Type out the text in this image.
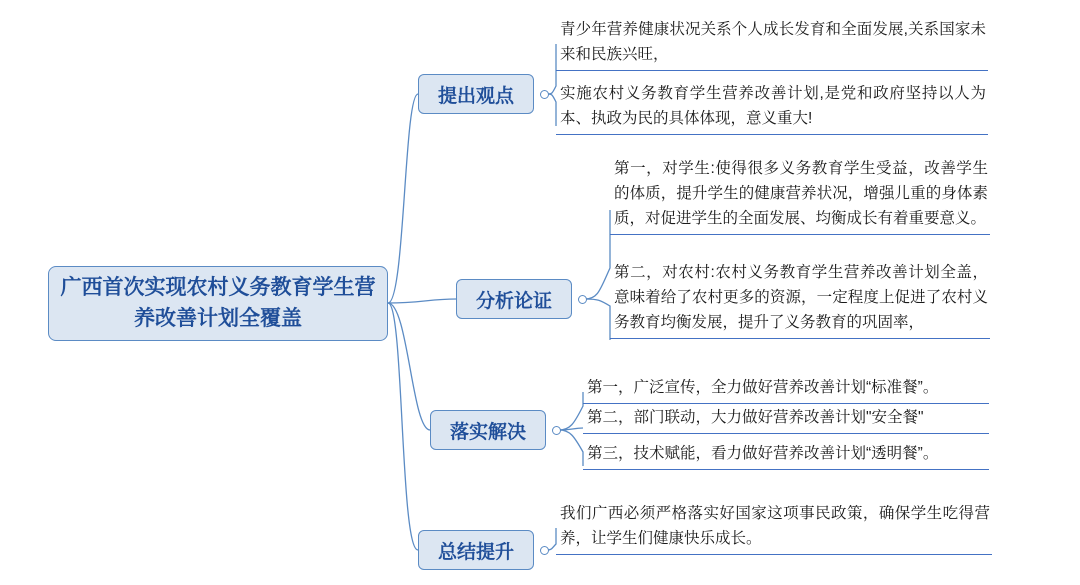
广西首次实现农村义务教育学生营养改善计划全覆盖
提出观点
分析论证
落实解决
总结提升
青少年营养健康状况关系个人成长发育和全面发展,关系国家未来和民族兴旺，
实施农村义务教育学生营养改善计划,是党和政府坚持以人为本、执政为民的具体体现，意义重大!
第一，对学生:使得很多义务教育学生受益，改善学生的体质，提升学生的健康营养状况，增强儿重的身体素质，对促进学生的全面发展、均衡成长有着重要意义。
第二，对农村:农村义务教育学生营养改善计划全盖，意味着给了农村更多的资源，一定程度上促进了农村义务教育均衡发展，提升了义务教育的巩固率，
第一，广泛宣传，全力做好营养改善计划“标准餐”。
第二，部门联动，大力做好营养改善计划"安全餐"
第三，技术赋能，看力做好营养改善计划“透明餐”。
我们广西必须严格落实好国家这项事民政策，确保学生吃得营养，让学生们健康快乐成长。
